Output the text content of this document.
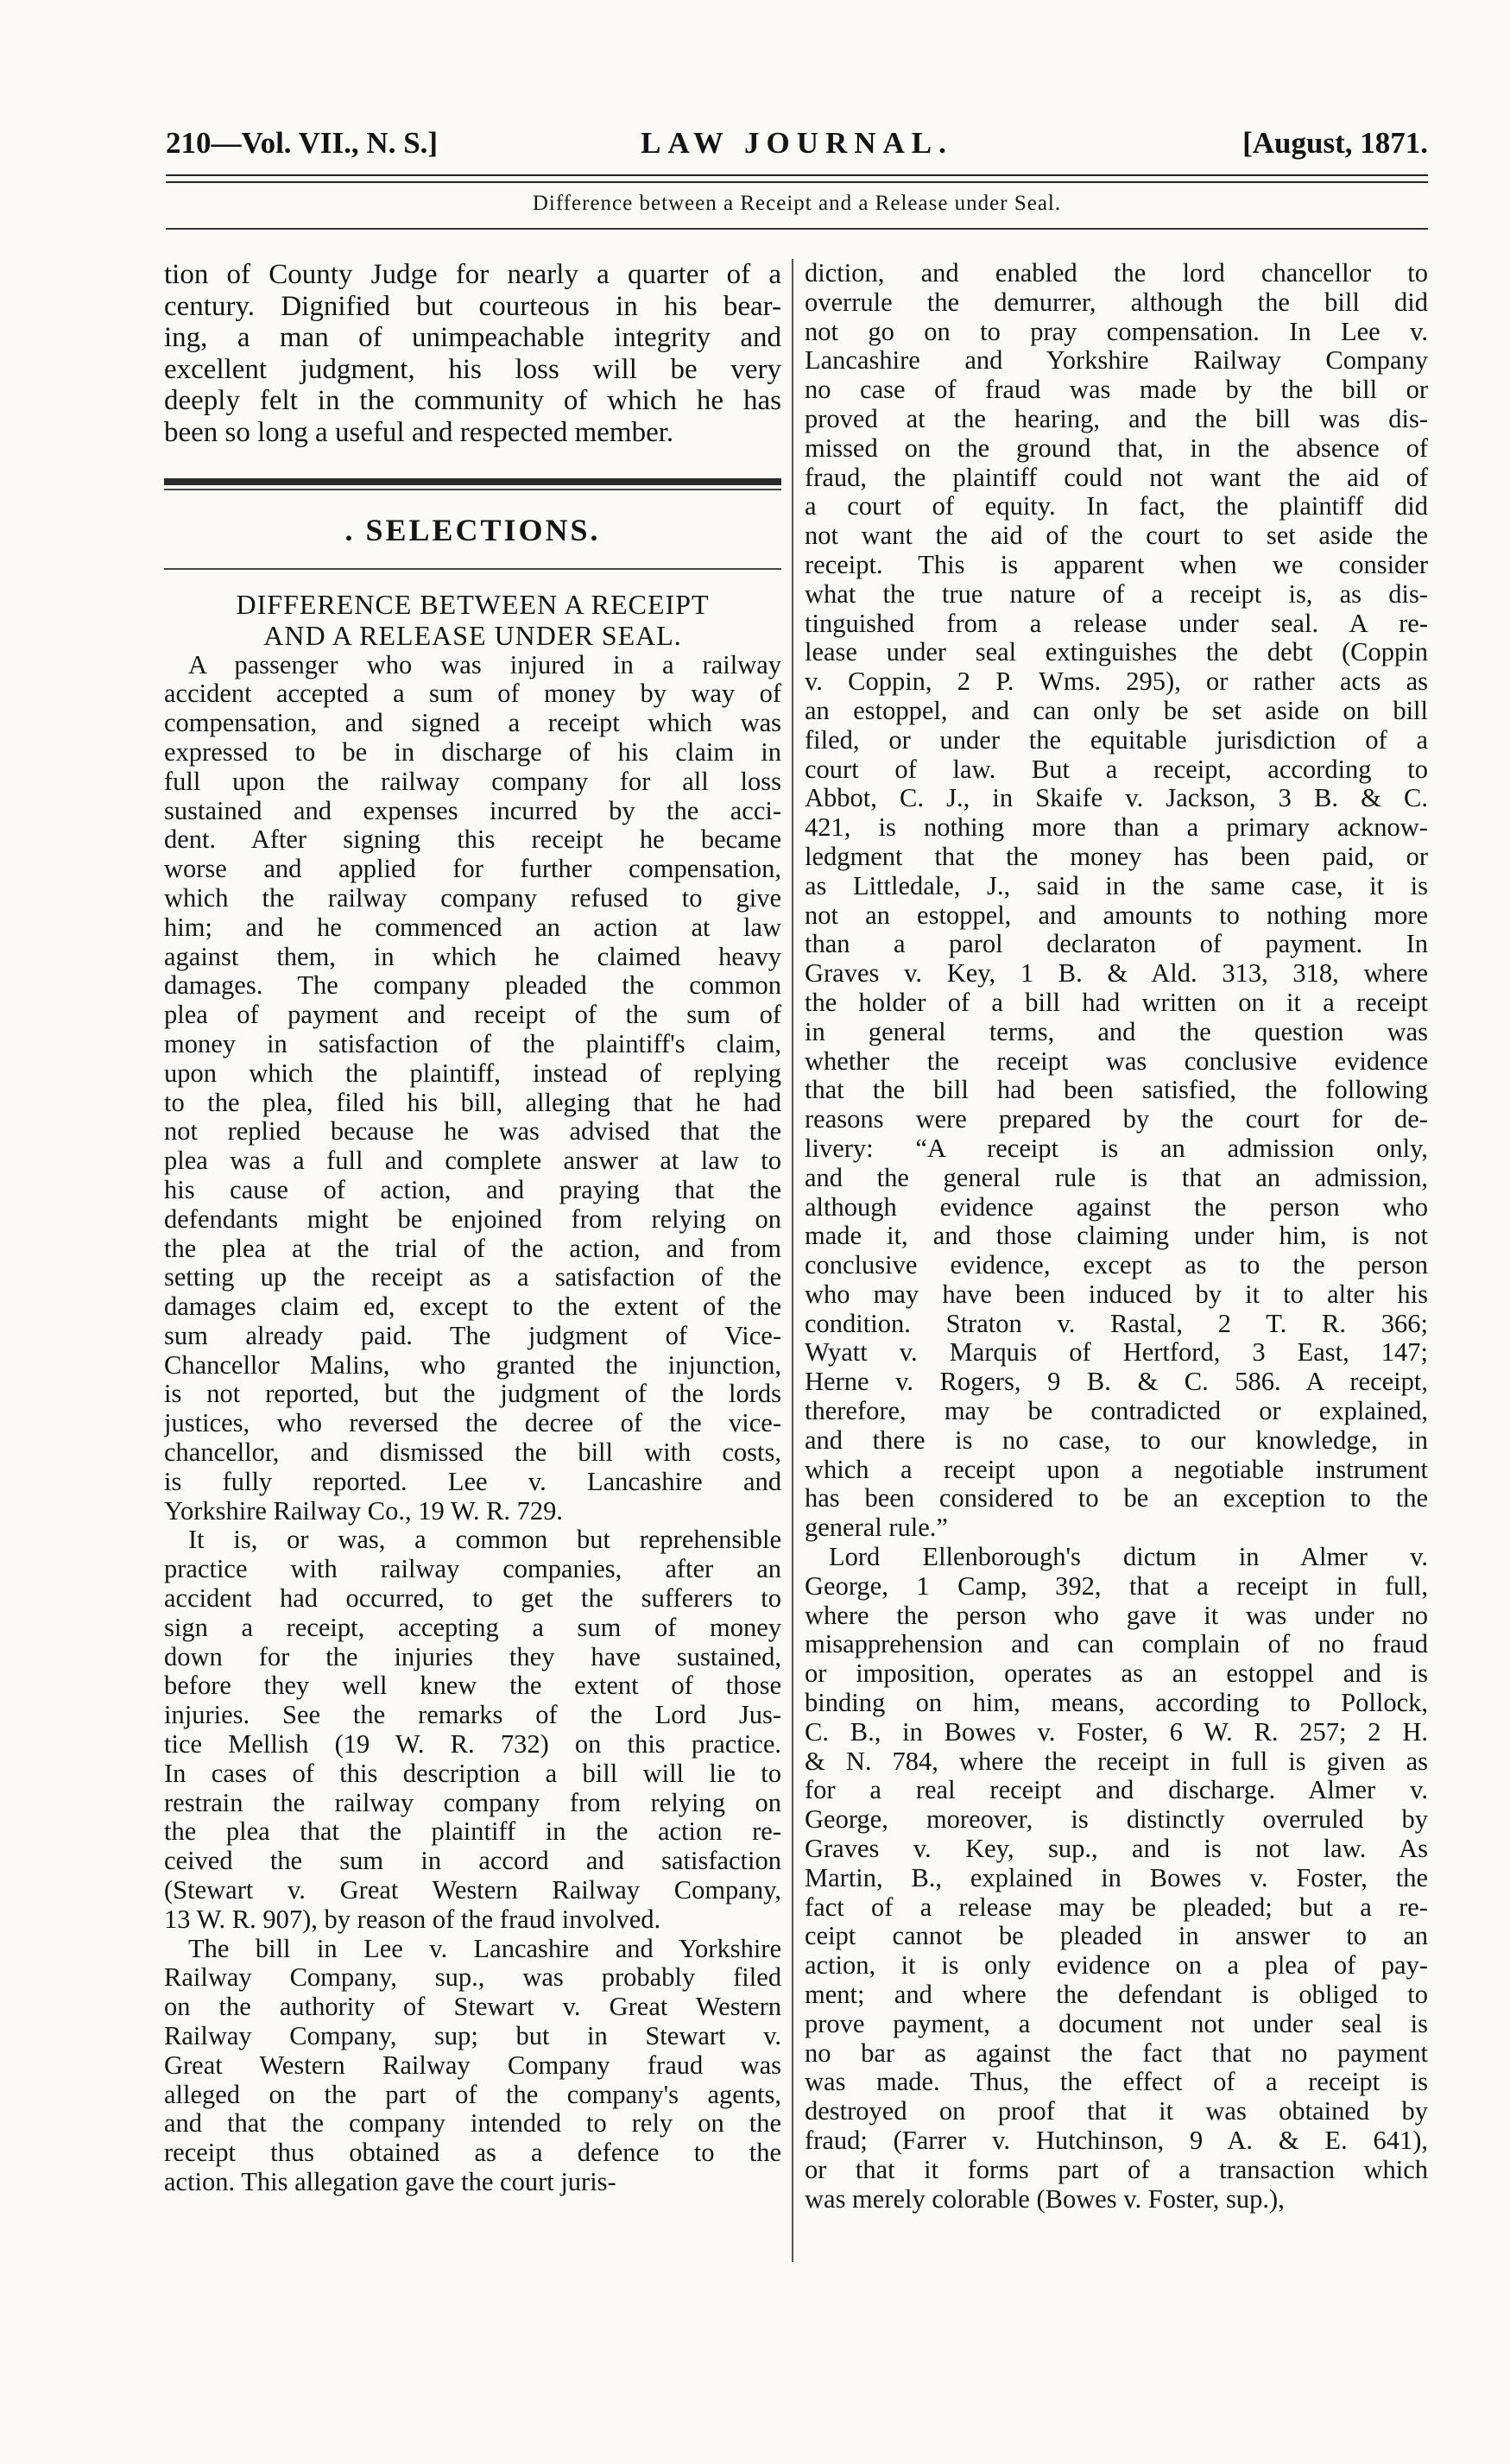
210—Vol. VII., N. S.]	LAW JOURNAL.	[August, 1871.
Difference between a Receipt and a Release under Seal.
tion of County Judge for nearly a quarter of a
century. Dignified but courteous in his bear-
ing, a man of unimpeachable integrity and
excellent judgment, his loss will be very
deeply felt in the community of which he has
been so long a useful and respected member.
. SELECTIONS.
DIFFERENCE BETWEEN A RECEIPT
AND A RELEASE UNDER SEAL.
A passenger who was injured in a railway
accident accepted a sum of money by way of
compensation, and signed a receipt which was
expressed to be in discharge of his claim in
full upon the railway company for all loss
sustained and expenses incurred by the acci-
dent. After signing this receipt he became
worse and applied for further compensation,
which the railway company refused to give
him; and he commenced an action at law
against them, in which he claimed heavy
damages. The company pleaded the common
plea of payment and receipt of the sum of
money in satisfaction of the plaintiff's claim,
upon which the plaintiff, instead of replying
to the plea, filed his bill, alleging that he had
not replied because he was advised that the
plea was a full and complete answer at law to
his cause of action, and praying that the
defendants might be enjoined from relying on
the plea at the trial of the action, and from
setting up the receipt as a satisfaction of the
damages claim ed, except to the extent of the
sum already paid. The judgment of Vice-
Chancellor Malins, who granted the injunction,
is not reported, but the judgment of the lords
justices, who reversed the decree of the vice-
chancellor, and dismissed the bill with costs,
is fully reported. Lee v. Lancashire and
Yorkshire Railway Co., 19 W. R. 729.
It is, or was, a common but reprehensible
practice with railway companies, after an
accident had occurred, to get the sufferers to
sign a receipt, accepting a sum of money
down for the injuries they have sustained,
before they well knew the extent of those
injuries. See the remarks of the Lord Jus-
tice Mellish (19 W. R. 732) on this practice.
In cases of this description a bill will lie to
restrain the railway company from relying on
the plea that the plaintiff in the action re-
ceived the sum in accord and satisfaction
(Stewart v. Great Western Railway Company,
13 W. R. 907), by reason of the fraud involved.
The bill in Lee v. Lancashire and Yorkshire
Railway Company, sup., was probably filed
on the authority of Stewart v. Great Western
Railway Company, sup; but in Stewart v.
Great Western Railway Company fraud was
alleged on the part of the company's agents,
and that the company intended to rely on the
receipt thus obtained as a defence to the
action. This allegation gave the court juris-
diction, and enabled the lord chancellor to
overrule the demurrer, although the bill did
not go on to pray compensation. In Lee v.
Lancashire and Yorkshire Railway Company
no case of fraud was made by the bill or
proved at the hearing, and the bill was dis-
missed on the ground that, in the absence of
fraud, the plaintiff could not want the aid of
a court of equity. In fact, the plaintiff did
not want the aid of the court to set aside the
receipt. This is apparent when we consider
what the true nature of a receipt is, as dis-
tinguished from a release under seal. A re-
lease under seal extinguishes the debt (Coppin
v. Coppin, 2 P. Wms. 295), or rather acts as
an estoppel, and can only be set aside on bill
filed, or under the equitable jurisdiction of a
court of law. But a receipt, according to
Abbot, C. J., in Skaife v. Jackson, 3 B. & C.
421, is nothing more than a primary acknow-
ledgment that the money has been paid, or
as Littledale, J., said in the same case, it is
not an estoppel, and amounts to nothing more
than a parol declaraton of payment. In
Graves v. Key, 1 B. & Ald. 313, 318, where
the holder of a bill had written on it a receipt
in general terms, and the question was
whether the receipt was conclusive evidence
that the bill had been satisfied, the following
reasons were prepared by the court for de-
livery: “A receipt is an admission only,
and the general rule is that an admission,
although evidence against the person who
made it, and those claiming under him, is not
conclusive evidence, except as to the person
who may have been induced by it to alter his
condition. Straton v. Rastal, 2 T. R. 366;
Wyatt v. Marquis of Hertford, 3 East, 147;
Herne v. Rogers, 9 B. & C. 586. A receipt,
therefore, may be contradicted or explained,
and there is no case, to our knowledge, in
which a receipt upon a negotiable instrument
has been considered to be an exception to the
general rule.”
Lord Ellenborough's dictum in Almer v.
George, 1 Camp, 392, that a receipt in full,
where the person who gave it was under no
misapprehension and can complain of no fraud
or imposition, operates as an estoppel and is
binding on him, means, according to Pollock,
C. B., in Bowes v. Foster, 6 W. R. 257; 2 H.
& N. 784, where the receipt in full is given as
for a real receipt and discharge. Almer v.
George, moreover, is distinctly overruled by
Graves v. Key, sup., and is not law. As
Martin, B., explained in Bowes v. Foster, the
fact of a release may be pleaded; but a re-
ceipt cannot be pleaded in answer to an
action, it is only evidence on a plea of pay-
ment; and where the defendant is obliged to
prove payment, a document not under seal is
no bar as against the fact that no payment
was made. Thus, the effect of a receipt is
destroyed on proof that it was obtained by
fraud; (Farrer v. Hutchinson, 9 A. & E. 641),
or that it forms part of a transaction which
was merely colorable (Bowes v. Foster, sup.),
